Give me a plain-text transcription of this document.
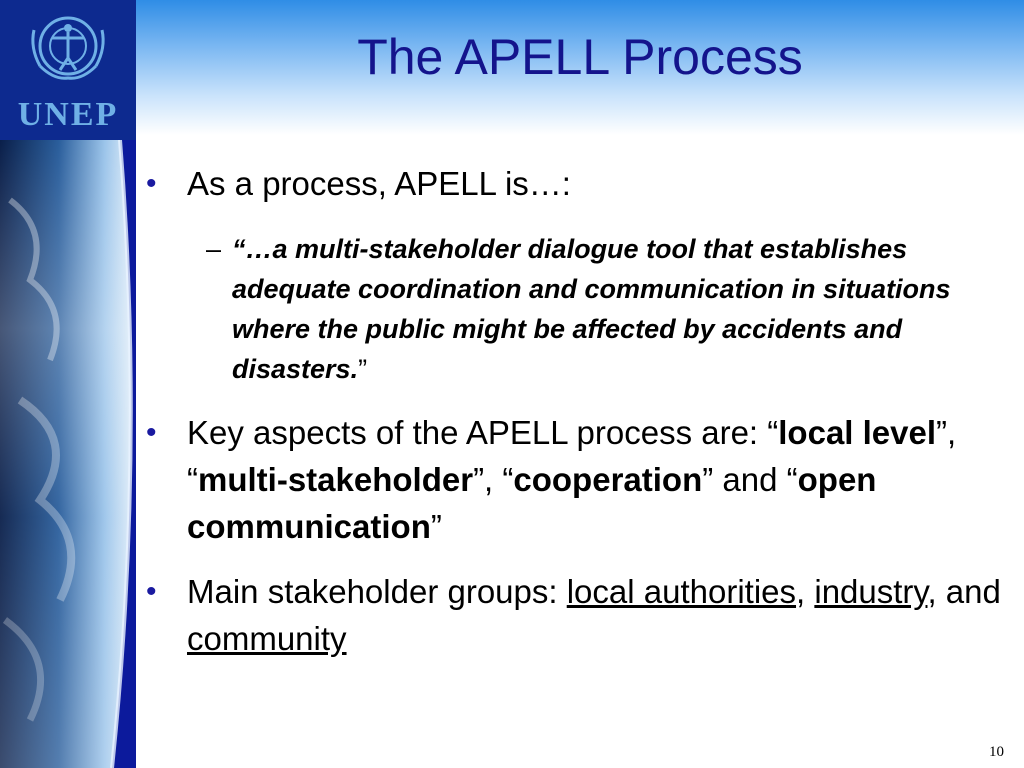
UNEP
The APELL Process
• As a process, APELL is…:
– “…a multi-stakeholder dialogue tool that establishes adequate coordination and communication in situations where the public might be affected by accidents and disasters.”
• Key aspects of the APELL process are: “local level”, “multi-stakeholder”, “cooperation” and “open communication”
• Main stakeholder groups: local authorities, industry, and community
10
